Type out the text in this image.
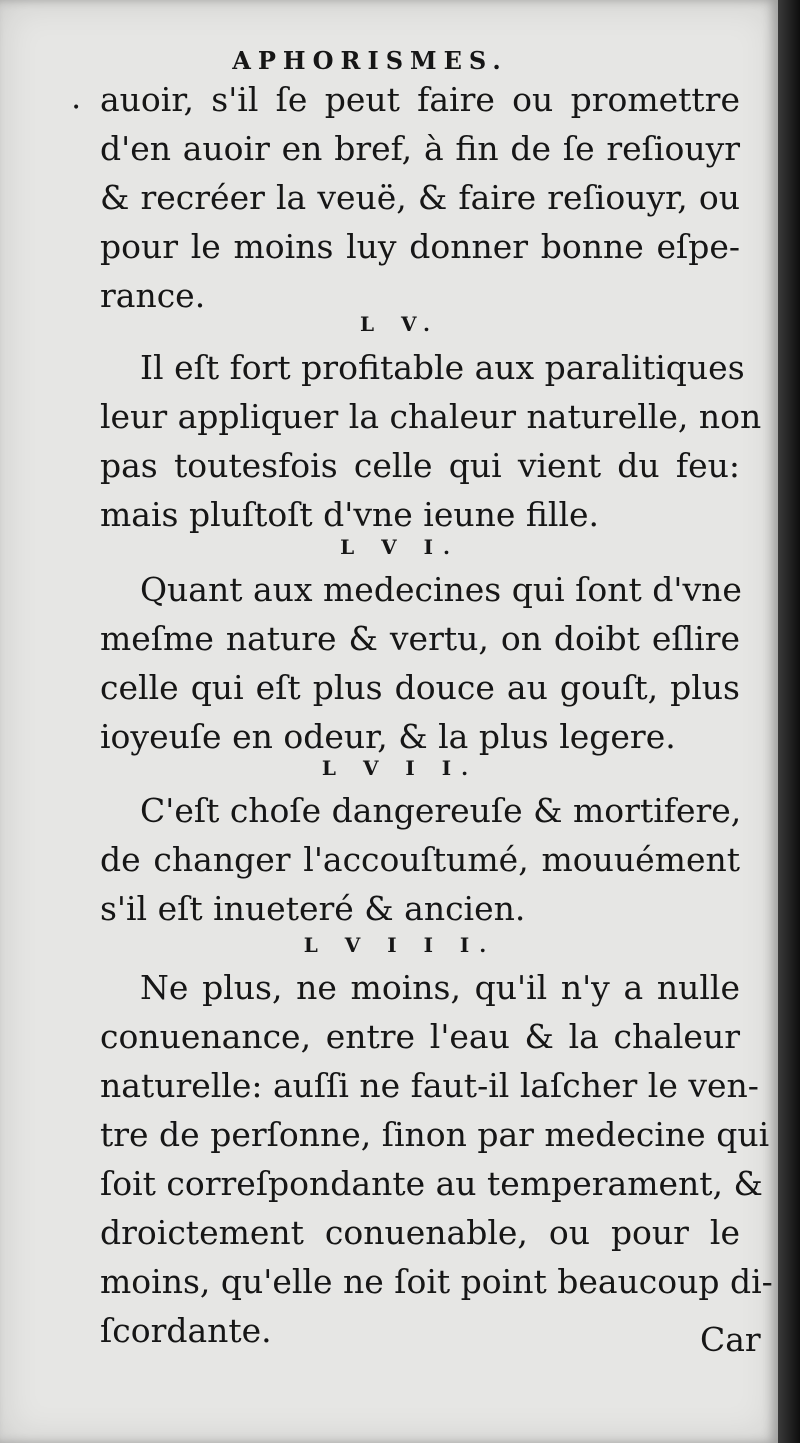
•
APHORISMES.
auoir, s'il ſe peut faire ou promettre
d'en auoir en bref, à fin de ſe reſiouyr
& recréer la veuë, & faire reſiouyr, ou
pour le moins luy donner bonne eſpe-
rance.
L V.
Il eſt fort profitable aux paralitiques
leur appliquer la chaleur naturelle, non
pas toutesfois celle qui vient du feu:
mais pluſtoſt d'vne ieune fille.
L V I.
Quant aux medecines qui ſont d'vne
meſme nature & vertu, on doibt eſlire
celle qui eſt plus douce au gouſt, plus
ioyeuſe en odeur, & la plus legere.
L V I I.
C'eſt choſe dangereuſe & mortifere,
de changer l'accouſtumé, mouuément
s'il eſt inueteré & ancien.
L V I I I.
Ne plus, ne moins, qu'il n'y a nulle
conuenance, entre l'eau & la chaleur
naturelle: auſſi ne faut-il laſcher le ven-
tre de perſonne, ſinon par medecine qui
ſoit correſpondante au temperament, &
droictement conuenable, ou pour le
moins, qu'elle ne ſoit point beaucoup di-
ſcordante.	Car
